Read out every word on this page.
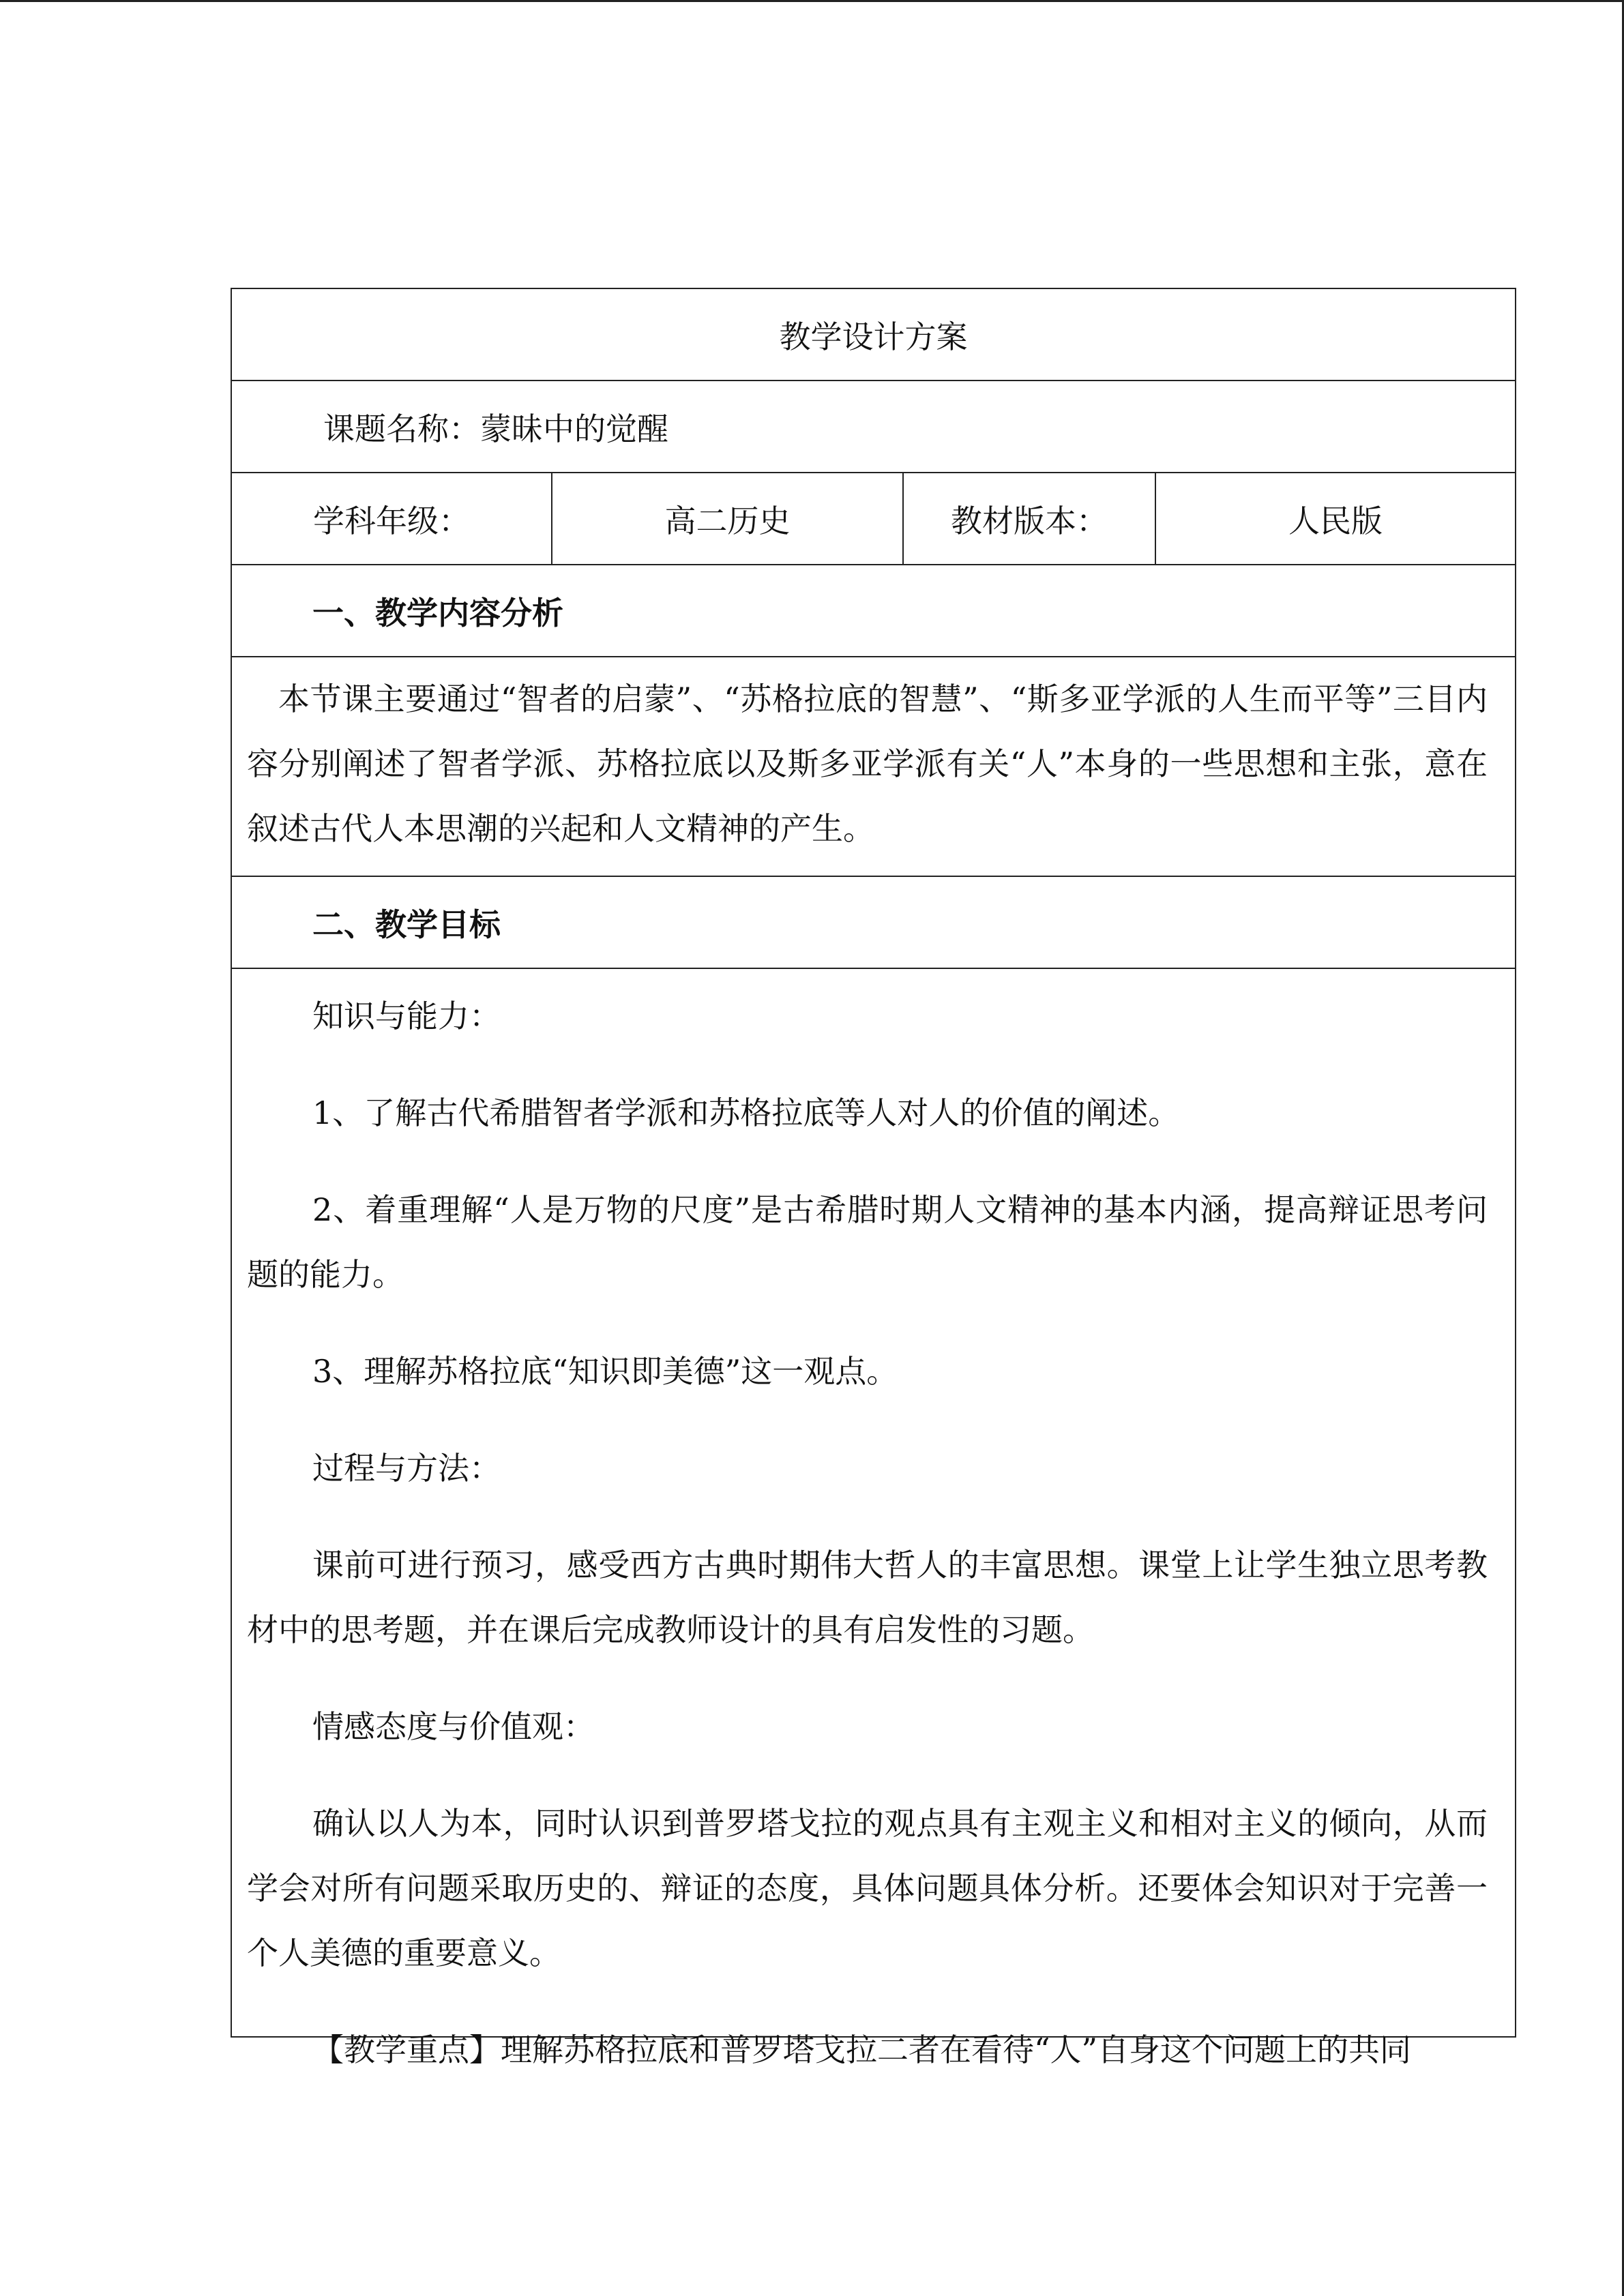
教学设计方案
课题名称：蒙昧中的觉醒
学科年级：	高二历史	教材版本：	人民版
一、教学内容分析
本节课主要通过“智者的启蒙”、“苏格拉底的智慧”、“斯多亚学派的人生而平等”三目内容分别阐述了智者学派、苏格拉底以及斯多亚学派有关“人”本身的一些思想和主张，意在叙述古代人本思潮的兴起和人文精神的产生。
二、教学目标

知识与能力：

1、了解古代希腊智者学派和苏格拉底等人对人的价值的阐述。

2、着重理解“人是万物的尺度”是古希腊时期人文精神的基本内涵，提高辩证思考问题的能力。

3、理解苏格拉底“知识即美德”这一观点。

过程与方法：

课前可进行预习，感受西方古典时期伟大哲人的丰富思想。课堂上让学生独立思考教材中的思考题，并在课后完成教师设计的具有启发性的习题。

情感态度与价值观：

确认以人为本，同时认识到普罗塔戈拉的观点具有主观主义和相对主义的倾向，从而学会对所有问题采取历史的、辩证的态度，具体问题具体分析。还要体会知识对于完善一个人美德的重要意义。

【教学重点】理解苏格拉底和普罗塔戈拉二者在看待“人”自身这个问题上的共同
